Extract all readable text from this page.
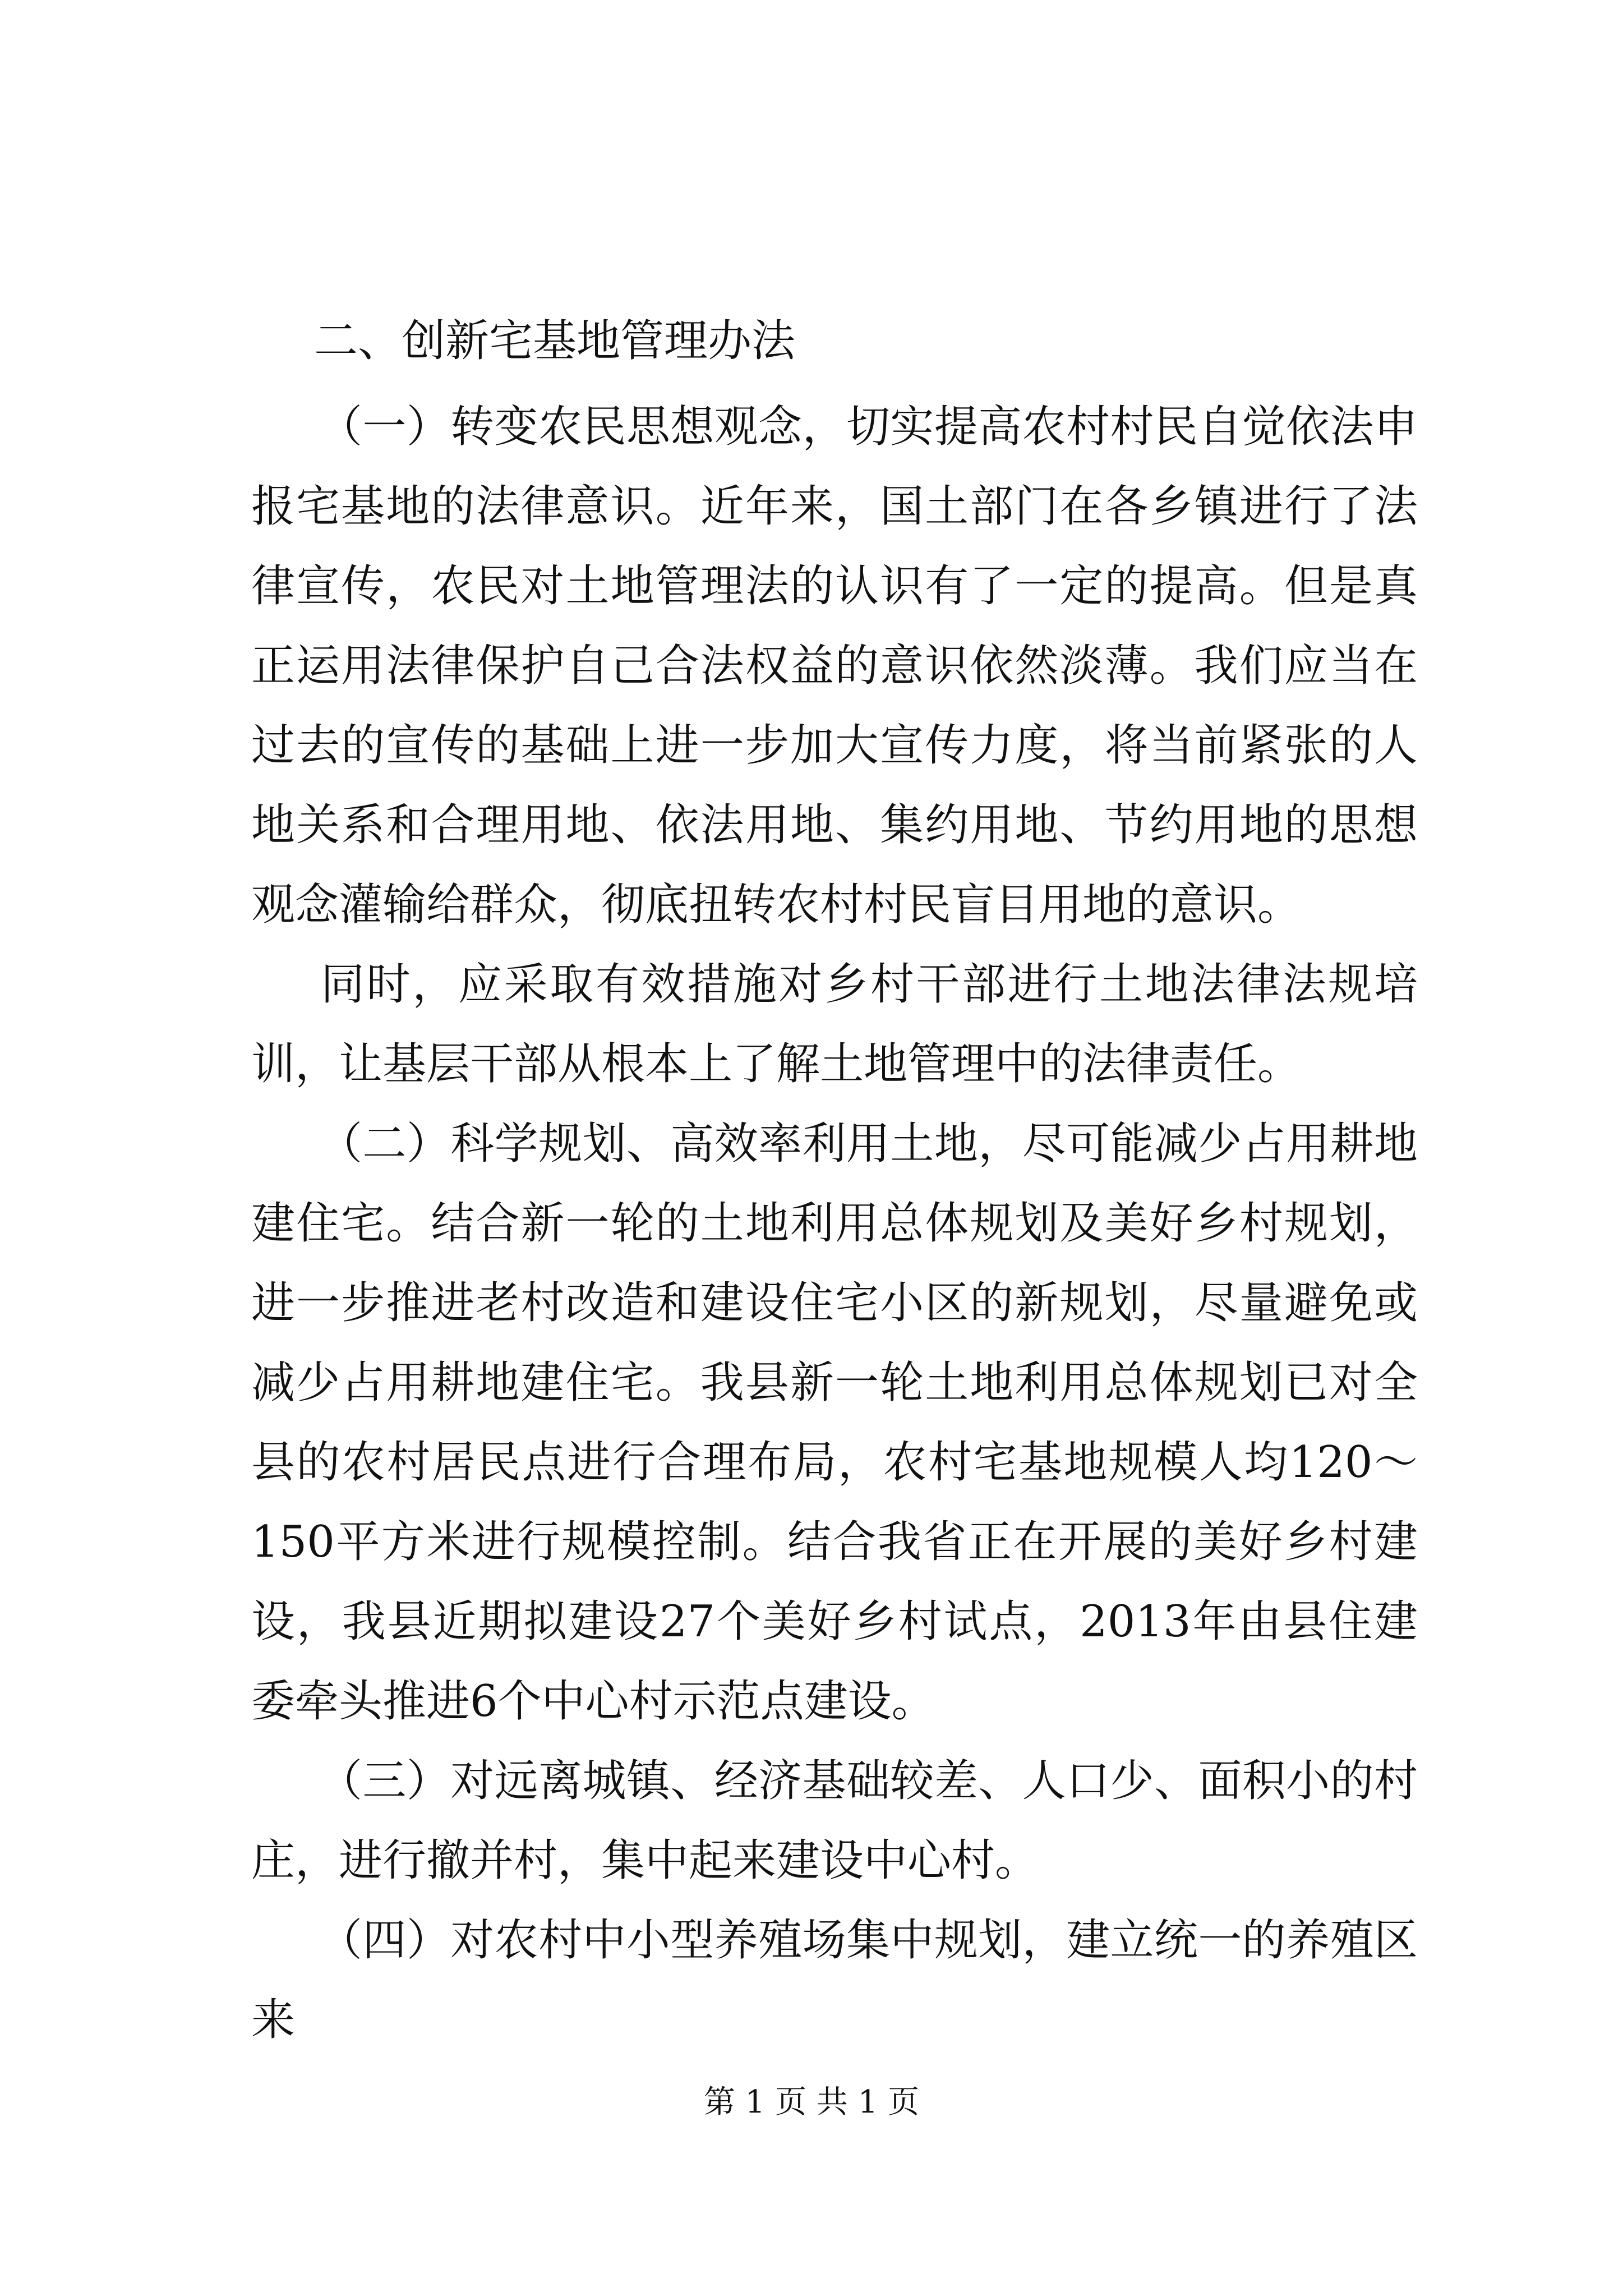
二、创新宅基地管理办法

（一）转变农民思想观念，切实提高农村村民自觉依法申报宅基地的法律意识。近年来，国土部门在各乡镇进行了法律宣传，农民对土地管理法的认识有了一定的提高。但是真正运用法律保护自己合法权益的意识依然淡薄。我们应当在过去的宣传的基础上进一步加大宣传力度，将当前紧张的人地关系和合理用地、依法用地、集约用地、节约用地的思想观念灌输给群众，彻底扭转农村村民盲目用地的意识。

同时，应采取有效措施对乡村干部进行土地法律法规培训，让基层干部从根本上了解土地管理中的法律责任。

（二）科学规划、高效率利用土地，尽可能减少占用耕地建住宅。结合新一轮的土地利用总体规划及美好乡村规划，进一步推进老村改造和建设住宅小区的新规划，尽量避免或减少占用耕地建住宅。我县新一轮土地利用总体规划已对全县的农村居民点进行合理布局，农村宅基地规模人均120～150平方米进行规模控制。结合我省正在开展的美好乡村建设，我县近期拟建设27个美好乡村试点，2013年由县住建委牵头推进6个中心村示范点建设。

（三）对远离城镇、经济基础较差、人口少、面积小的村庄，进行撤并村，集中起来建设中心村。

（四）对农村中小型养殖场集中规划，建立统一的养殖区来

第 1 页 共 1 页
